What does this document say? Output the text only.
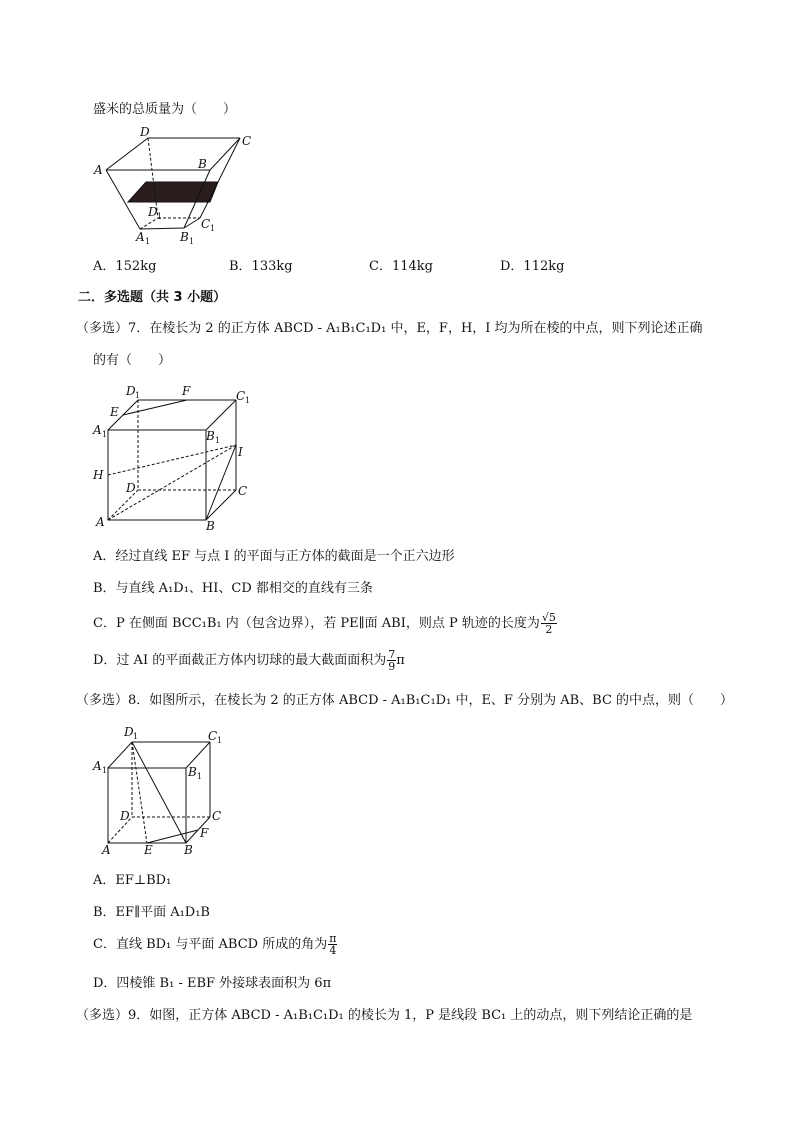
盛米的总质量为（　　）
D
C
A	B
D 1
C 1
A 1 B 1
A．152kg	B．133kg	C．114kg	D．112kg
二．多选题（共 3 小题）
（多选）7．在棱长为 2 的正方体 ABCD - A₁B₁C₁D₁ 中，E，F，H，I 均为所在棱的中点，则下列论述正确
的有（　　）
D 1	F	C 1
E
A 1	B 1
I
H
D	C
A	B
A．经过直线 EF 与点 I 的平面与正方体的截面是一个正六边形
B．与直线 A₁D₁、HI、CD 都相交的直线有三条
C．P 在侧面 BCC₁B₁ 内（包含边界），若 PE∥面 ABI，则点 P 轨迹的长度为 $\frac{√5}{2}$
D．过 AI 的平面截正方体内切球的最大截面面积为 $\frac{7}{9}$ π
（多选）8．如图所示，在棱长为 2 的正方体 ABCD - A₁B₁C₁D₁ 中，E、F 分别为 AB、BC 的中点，则（　　）
D 1	C 1
A 1	B 1
D	C
F
A	E	B
A．EF⊥BD₁
B．EF∥平面 A₁D₁B
C．直线 BD₁ 与平面 ABCD 所成的角为 $\frac{\pi}{4}$
D．四棱锥 B₁ - EBF 外接球表面积为 6π
（多选）9．如图，正方体 ABCD - A₁B₁C₁D₁ 的棱长为 1，P 是线段 BC₁ 上的动点，则下列结论正确的是
